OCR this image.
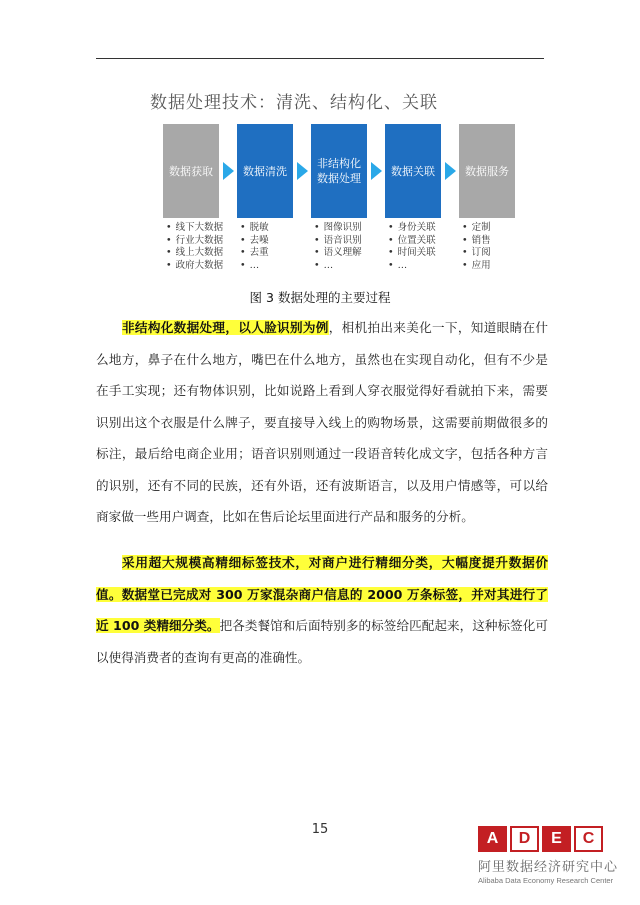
数据处理技术：清洗、结构化、关联
数据获取	数据清洗
非结构化
数据处理
数据关联	数据服务
• 线下大数据
• 行业大数据
• 线上大数据
• 政府大数据
• 脱敏
• 去噪
• 去重
• …
• 图像识别
• 语音识别
• 语义理解
• …
• 身份关联
• 位置关联
• 时间关联
• …
• 定制
• 销售
• 订阅
• 应用
图 3 数据处理的主要过程
非结构化数据处理，以人脸识别为例，相机拍出来美化一下，知道眼睛在什么地方，鼻子在什么地方，嘴巴在什么地方，虽然也在实现自动化，但有不少是在手工实现；还有物体识别，比如说路上看到人穿衣服觉得好看就拍下来，需要识别出这个衣服是什么牌子，要直接导入线上的购物场景，这需要前期做很多的标注，最后给电商企业用；语音识别则通过一段语音转化成文字，包括各种方言的识别，还有不同的民族，还有外语，还有波斯语言，以及用户情感等，可以给商家做一些用户调查，比如在售后论坛里面进行产品和服务的分析。
采用超大规模高精细标签技术，对商户进行精细分类，大幅度提升数据价值。数据堂已完成对 300 万家混杂商户信息的 2000 万条标签，并对其进行了近 100 类精细分类。把各类餐馆和后面特别多的标签给匹配起来，这种标签化可以使得消费者的查询有更高的准确性。
15
A	D	E	C
阿里数据经济研究中心
Alibaba Data Economy Research Center
